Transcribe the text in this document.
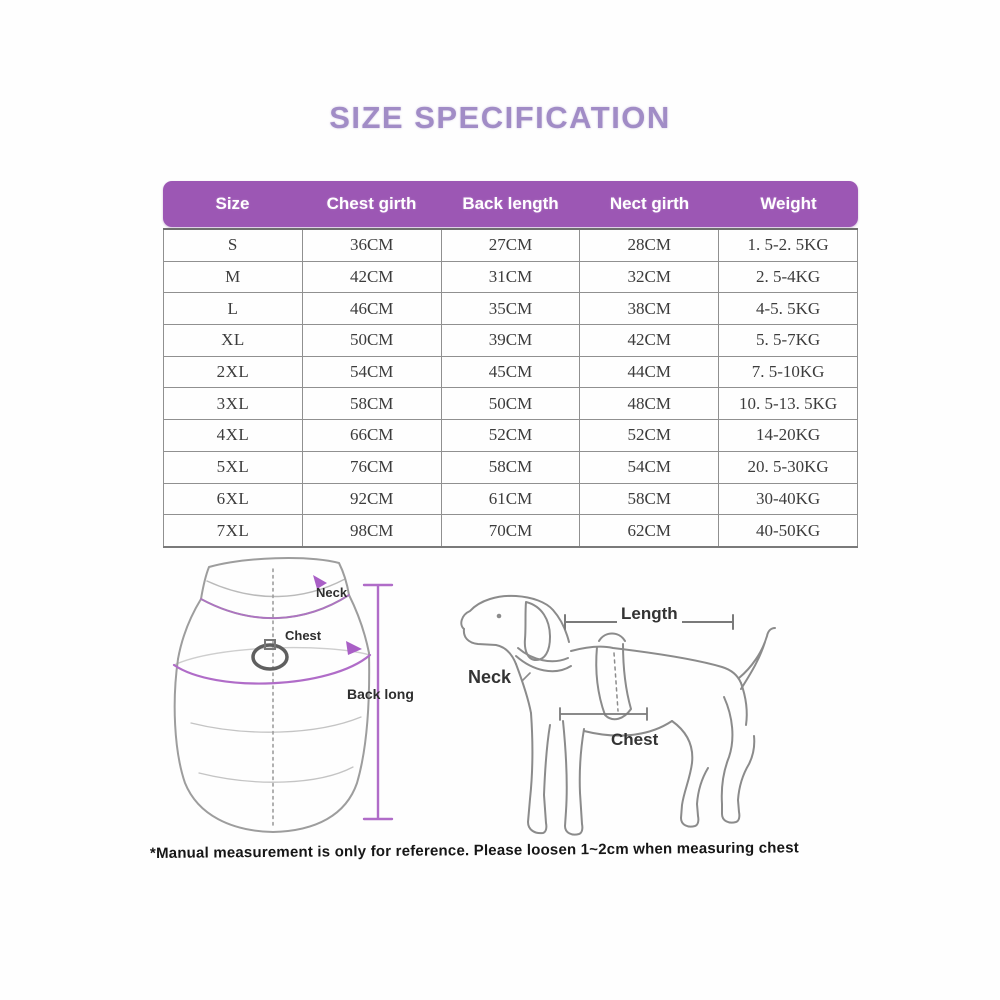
SIZE SPECIFICATION
Size	Chest girth	Back length	Nect girth	Weight
S	36CM	27CM	28CM	1. 5-2. 5KG
M	42CM	31CM	32CM	2. 5-4KG
L	46CM	35CM	38CM	4-5. 5KG
XL	50CM	39CM	42CM	5. 5-7KG
2XL	54CM	45CM	44CM	7. 5-10KG
3XL	58CM	50CM	48CM	10. 5-13. 5KG
4XL	66CM	52CM	52CM	14-20KG
5XL	76CM	58CM	54CM	20. 5-30KG
6XL	92CM	61CM	58CM	30-40KG
7XL	98CM	70CM	62CM	40-50KG
Neck
Chest
Back long
Length
Neck
Chest
*Manual measurement is only for reference. Please loosen 1~2cm when measuring chest
